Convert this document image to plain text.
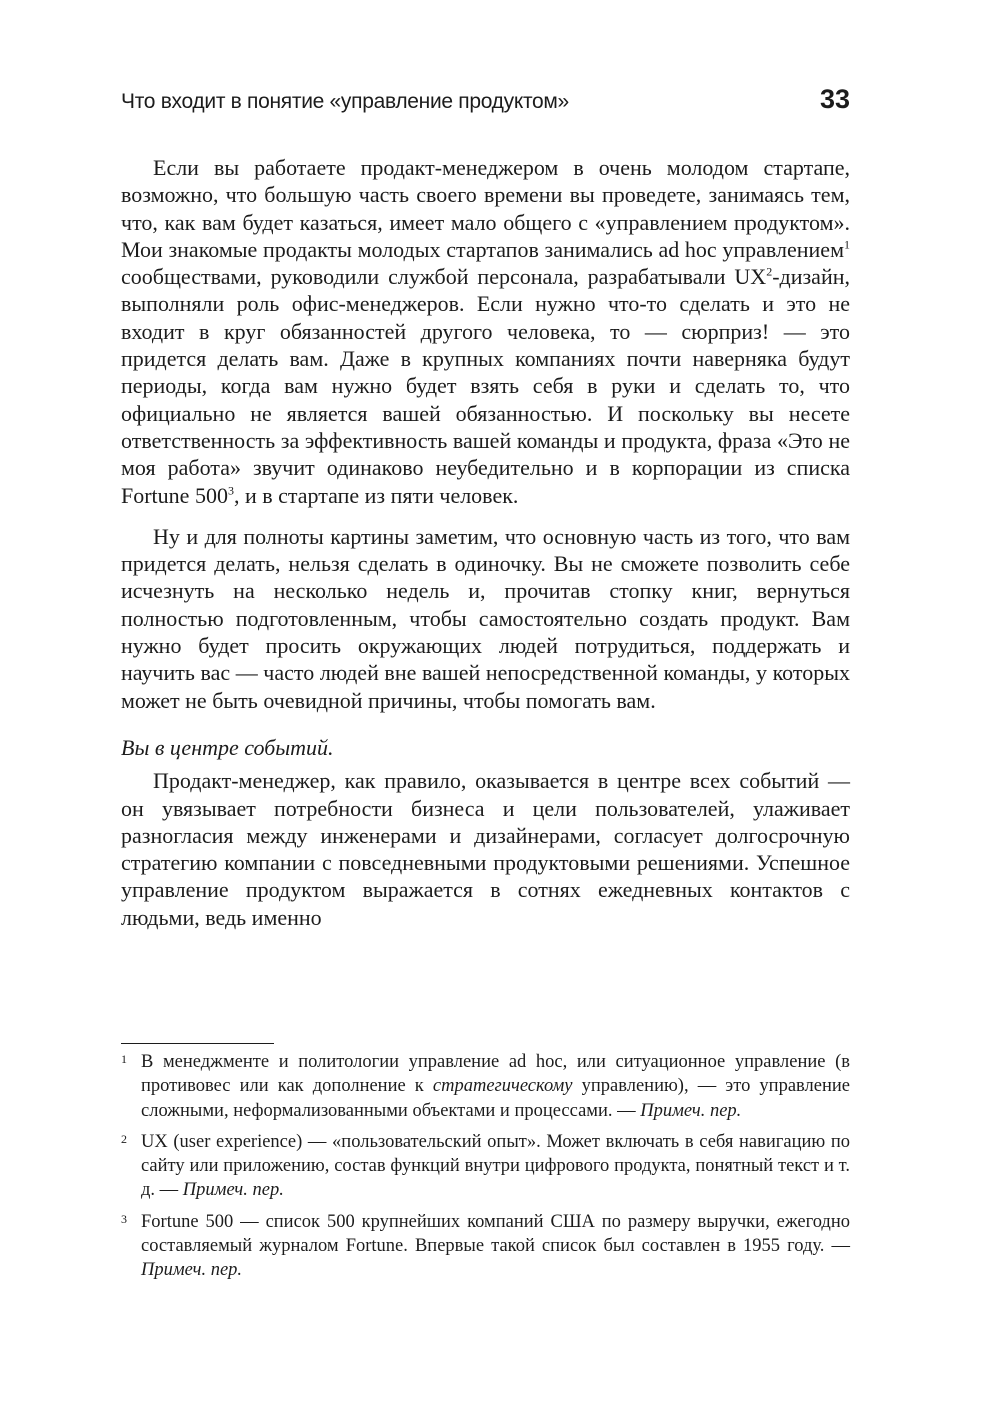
Что входит в понятие «управление продуктом»	33

Если вы работаете продакт-менеджером в очень молодом стартапе, возможно, что большую часть своего времени вы проведете, занимаясь тем, что, как вам будет казаться, имеет мало общего с «управлением продуктом». Мои знакомые продакты молодых стартапов занимались ad hoc управлением$^1$ сообществами, руководили службой персонала, разрабатывали $UX^2$-дизайн, выполняли роль офис-менеджеров. Если нужно что-то сделать и это не входит в круг обязанностей другого человека, то — сюрприз! — это придется делать вам. Даже в крупных компаниях почти наверняка будут периоды, когда вам нужно будет взять себя в руки и сделать то, что официально не является вашей обязанностью. И поскольку вы несете ответственность за эффективность вашей команды и продукта, фраза «Это не моя работа» звучит одинаково неубедительно и в корпорации из списка Fortune $500^3$, и в стартапе из пяти человек.

Ну и для полноты картины заметим, что основную часть из того, что вам придется делать, нельзя сделать в одиночку. Вы не сможете позволить себе исчезнуть на несколько недель и, прочитав стопку книг, вернуться полностью подготовленным, чтобы самостоятельно создать продукт. Вам нужно будет просить окружающих людей потрудиться, поддержать и научить вас — часто людей вне вашей непосредственной команды, у которых может не быть очевидной причины, чтобы помогать вам.

Вы в центре событий.

Продакт-менеджер, как правило, оказывается в центре всех событий — он увязывает потребности бизнеса и цели пользователей, улаживает разногласия между инженерами и дизайнерами, согласует долгосрочную стратегию компании с повседневными продуктовыми решениями. Успешное управление продуктом выражается в сотнях ежедневных контактов с людьми, ведь именно

1 В менеджменте и политологии управление ad hoc, или ситуационное управление (в противовес или как дополнение к стратегическому управлению), — это управление сложными, неформализованными объектами и процессами. — Примеч. пер.

2 UX (user experience) — «пользовательский опыт». Может включать в себя навигацию по сайту или приложению, состав функций внутри цифрового продукта, понятный текст и т. д. — Примеч. пер.

3 Fortune 500 — список 500 крупнейших компаний США по размеру выручки, ежегодно составляемый журналом Fortune. Впервые такой список был составлен в 1955 году. — Примеч. пер.
